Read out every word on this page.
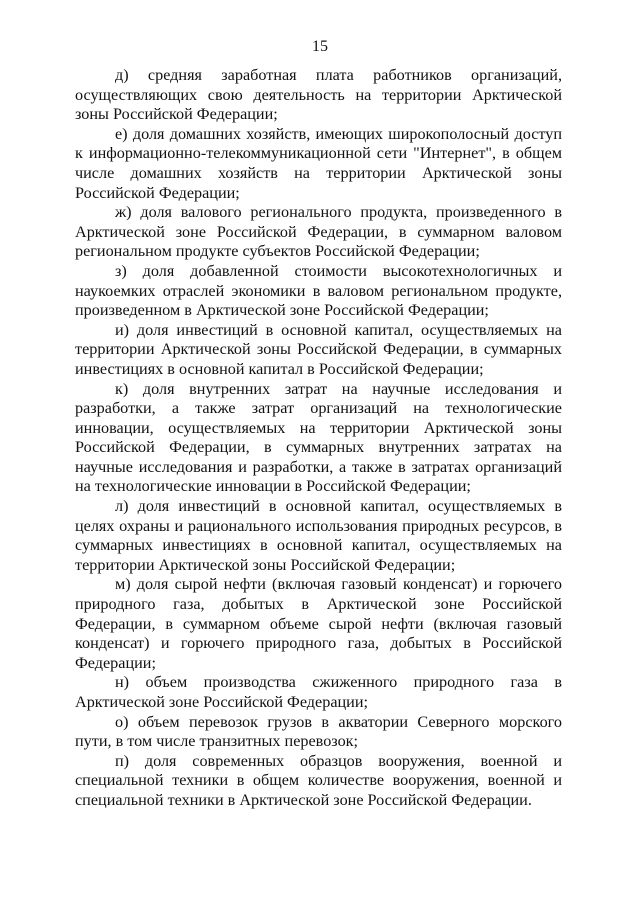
15

д) средняя заработная плата работников организаций, осуществляющих свою деятельность на территории Арктической зоны Российской Федерации;

е) доля домашних хозяйств, имеющих широкополосный доступ к информационно-телекоммуникационной сети "Интернет", в общем числе домашних хозяйств на территории Арктической зоны Российской Федерации;

ж) доля валового регионального продукта, произведенного в Арктической зоне Российской Федерации, в суммарном валовом региональном продукте субъектов Российской Федерации;

з) доля добавленной стоимости высокотехнологичных и наукоемких отраслей экономики в валовом региональном продукте, произведенном в Арктической зоне Российской Федерации;

и) доля инвестиций в основной капитал, осуществляемых на территории Арктической зоны Российской Федерации, в суммарных инвестициях в основной капитал в Российской Федерации;

к) доля внутренних затрат на научные исследования и разработки, а также затрат организаций на технологические инновации, осуществляемых на территории Арктической зоны Российской Федерации, в суммарных внутренних затратах на научные исследования и разработки, а также в затратах организаций на технологические инновации в Российской Федерации;

л) доля инвестиций в основной капитал, осуществляемых в целях охраны и рационального использования природных ресурсов, в суммарных инвестициях в основной капитал, осуществляемых на территории Арктической зоны Российской Федерации;

м) доля сырой нефти (включая газовый конденсат) и горючего природного газа, добытых в Арктической зоне Российской Федерации, в суммарном объеме сырой нефти (включая газовый конденсат) и горючего природного газа, добытых в Российской Федерации;

н) объем производства сжиженного природного газа в Арктической зоне Российской Федерации;

о) объем перевозок грузов в акватории Северного морского пути, в том числе транзитных перевозок;

п) доля современных образцов вооружения, военной и специальной техники в общем количестве вооружения, военной и специальной техники в Арктической зоне Российской Федерации.
